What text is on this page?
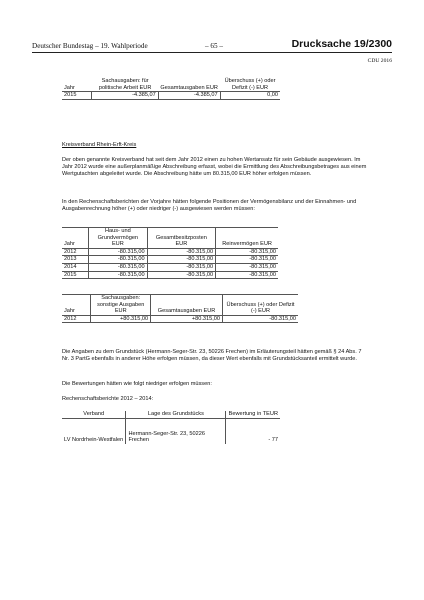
Deutscher Bundestag – 19. Wahlperiode	– 65 –	Drucksache 19/2300
CDU 2016
Jahr	Sachausgaben: für politische Arbeit EUR	Gesamtausgaben EUR	Überschuss (+) oder Defizit (-) EUR
2015	-4.385,07	-4.385,07	0,00

Kreisverband Rhein-Erft-Kreis

Der oben genannte Kreisverband hat seit dem Jahr 2012 einen zu hohen Wertansatz für sein Gebäude ausgewiesen. Im Jahr 2012 wurde eine außerplanmäßige Abschreibung erfasst, wobei die Ermittlung des Abschreibungsbetrages aus einem Wertgutachten abgeleitet wurde. Die Abschreibung hätte um 80.315,00 EUR höher erfolgen müssen.

In den Rechenschaftsberichten der Vorjahre hätten folgende Positionen der Vermögensbilanz und der Einnahmen- und Ausgabenrechnung höher (+) oder niedriger (-) ausgewiesen werden müssen:

Jahr	Haus- und Grundvermögen EUR	Gesamtbesitzposten EUR	Reinvermögen EUR
2012	-80.315,00	-80.315,00	-80.315,00
2013	-80.315,00	-80.315,00	-80.315,00
2014	-80.315,00	-80.315,00	-80.315,00
2015	-80.315,00	-80.315,00	-80.315,00
Jahr	Sachausgaben: sonstige Ausgaben EUR	Gesamtausgaben EUR	Überschuss (+) oder Defizit (-) EUR
2012	+80.315,00	+80.315,00	-80.315,00

Die Angaben zu dem Grundstück (Hermann-Seger-Str. 23, 50226 Frechen) im Erläuterungsteil hätten gemäß § 24 Abs. 7 Nr. 3 PartG ebenfalls in anderer Höhe erfolgen müssen, da dieser Wert ebenfalls mit Grundstücksanteil ermittelt wurde.

Die Bewertungen hätten wie folgt niedriger erfolgen müssen:

Rechenschaftsberichte 2012 – 2014:

Verband	Lage des Grundstücks	Bewertung in TEUR
LV Nordrhein-Westfalen	Hermann-Seger-Str. 23, 50226 Frechen	- 77
